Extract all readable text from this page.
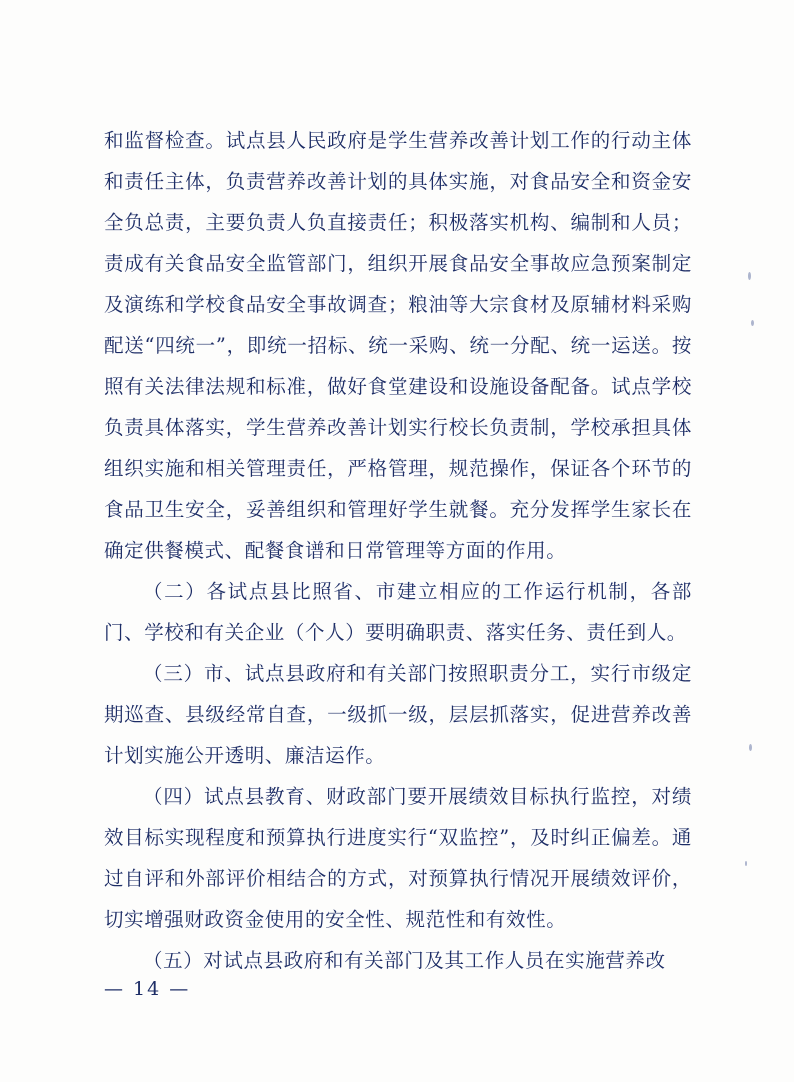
和监督检查。试点县人民政府是学生营养改善计划工作的行动主体和责任主体，负责营养改善计划的具体实施，对食品安全和资金安全负总责，主要负责人负直接责任；积极落实机构、编制和人员；责成有关食品安全监管部门，组织开展食品安全事故应急预案制定及演练和学校食品安全事故调查；粮油等大宗食材及原辅材料采购配送“四统一”，即统一招标、统一采购、统一分配、统一运送。按照有关法律法规和标准，做好食堂建设和设施设备配备。试点学校负责具体落实，学生营养改善计划实行校长负责制，学校承担具体组织实施和相关管理责任，严格管理，规范操作，保证各个环节的食品卫生安全，妥善组织和管理好学生就餐。充分发挥学生家长在确定供餐模式、配餐食谱和日常管理等方面的作用。

（二）各试点县比照省、市建立相应的工作运行机制，各部门、学校和有关企业（个人）要明确职责、落实任务、责任到人。

（三）市、试点县政府和有关部门按照职责分工，实行市级定期巡查、县级经常自查，一级抓一级，层层抓落实，促进营养改善计划实施公开透明、廉洁运作。

（四）试点县教育、财政部门要开展绩效目标执行监控，对绩效目标实现程度和预算执行进度实行“双监控”，及时纠正偏差。通过自评和外部评价相结合的方式，对预算执行情况开展绩效评价，切实增强财政资金使用的安全性、规范性和有效性。

（五）对试点县政府和有关部门及其工作人员在实施营养改

— 14 —
